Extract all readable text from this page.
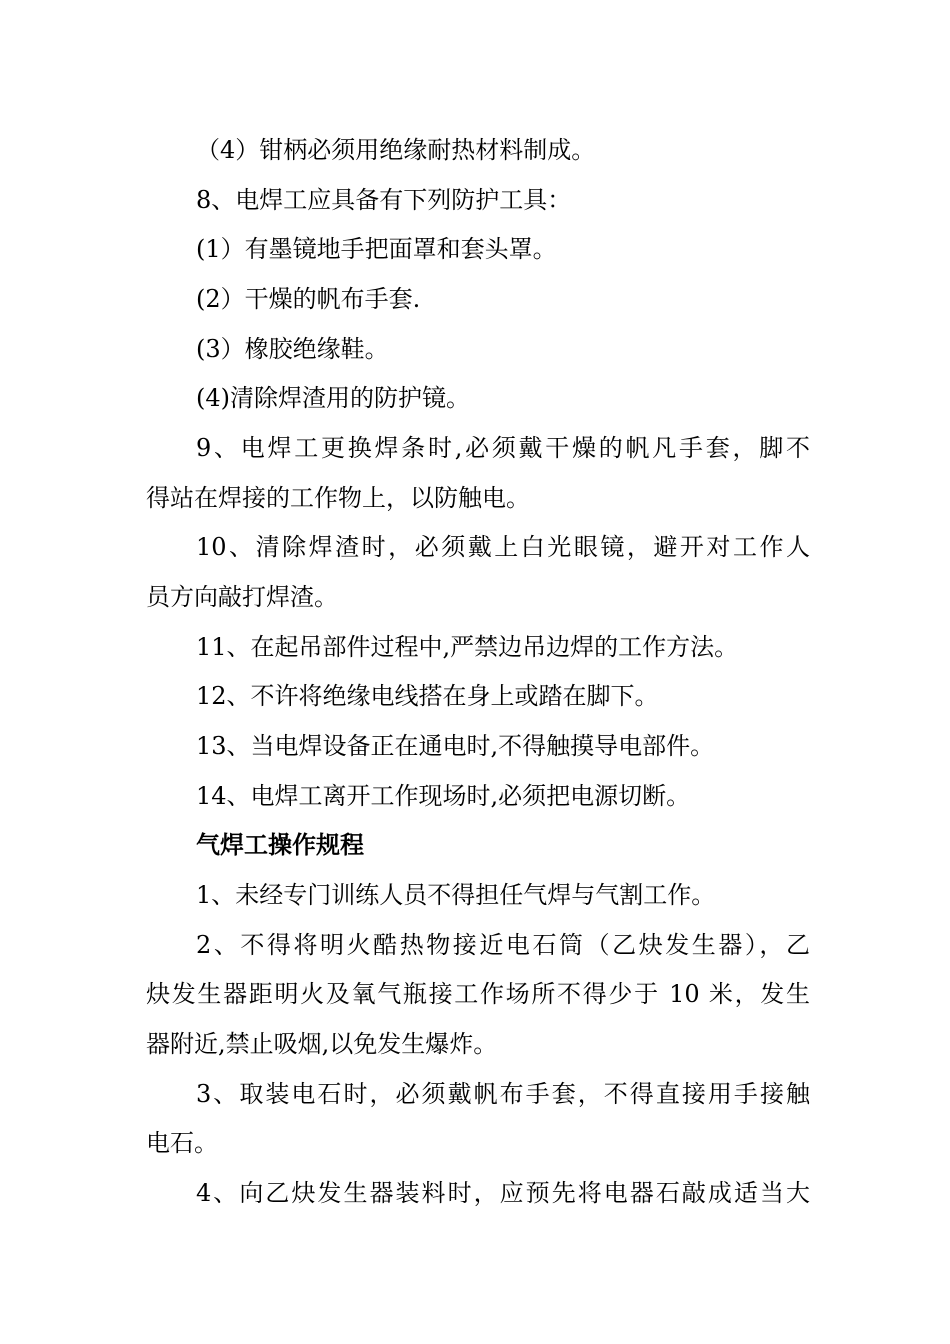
（4）钳柄必须用绝缘耐热材料制成。
8、电焊工应具备有下列防护工具：
(1）有墨镜地手把面罩和套头罩。
(2）干燥的帆布手套.
(3）橡胶绝缘鞋。
(4)清除焊渣用的防护镜。
9、电焊工更换焊条时,必须戴干燥的帆凡手套，脚不
得站在焊接的工作物上，以防触电。
10、清除焊渣时，必须戴上白光眼镜，避开对工作人
员方向敲打焊渣。
11、在起吊部件过程中,严禁边吊边焊的工作方法。
12、不许将绝缘电线搭在身上或踏在脚下。
13、当电焊设备正在通电时,不得触摸导电部件。
14、电焊工离开工作现场时,必须把电源切断。
气焊工操作规程
1、未经专门训练人员不得担任气焊与气割工作。
2、不得将明火酷热物接近电石筒（乙炔发生器），乙
炔发生器距明火及氧气瓶接工作场所不得少于 10 米，发生
器附近,禁止吸烟,以免发生爆炸。
3、取装电石时，必须戴帆布手套，不得直接用手接触
电石。
4、向乙炔发生器装料时，应预先将电器石敲成适当大
